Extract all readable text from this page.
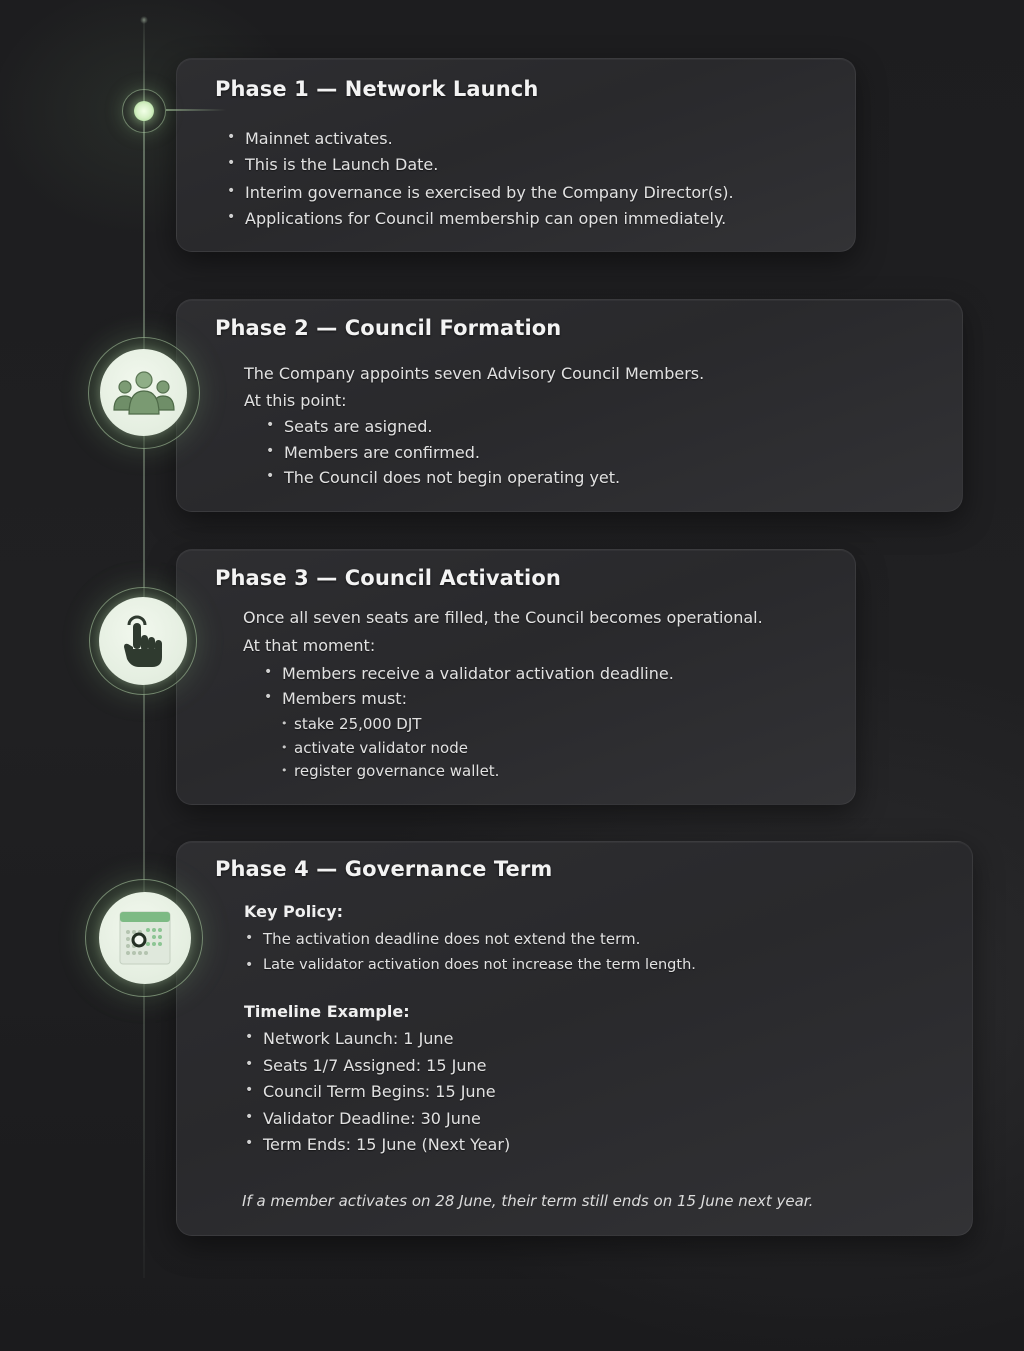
Phase 1 — Network Launch
• Mainnet activates.
• This is the Launch Date.
• Interim governance is exercised by the Company Director(s).
• Applications for Council membership can open immediately.
Phase 2 — Council Formation
The Company appoints seven Advisory Council Members.
At this point:
• Seats are asigned.
• Members are confirmed.
• The Council does not begin operating yet.
Phase 3 — Council Activation
Once all seven seats are filled, the Council becomes operational.
At that moment:
• Members receive a validator activation deadline.
• Members must:
• stake 25,000 DJT
• activate validator node
• register governance wallet.
Phase 4 — Governance Term
Key Policy:
• The activation deadline does not extend the term.
• Late validator activation does not increase the term length.
Timeline Example:
• Network Launch: 1 June
• Seats 1/7 Assigned: 15 June
• Council Term Begins: 15 June
• Validator Deadline: 30 June
• Term Ends: 15 June (Next Year)
If a member activates on 28 June, their term still ends on 15 June next year.
